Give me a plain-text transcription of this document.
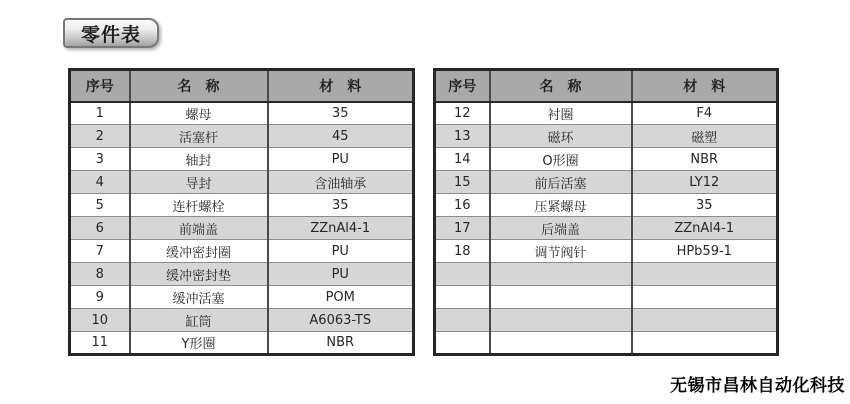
零件表
序号	名　称	材　料
1	螺母	35
2	活塞杆	45
3	轴封	PU
4	导封	含油轴承
5	连杆螺栓	35
6	前端盖	ZZnAl4-1
7	缓冲密封圈	PU
8	缓冲密封垫	PU
9	缓冲活塞	POM
10	缸筒	A6063-TS
11	Y形圈	NBR
序号	名　称	材　料
12	衬圈	F4
13	磁环	磁塑
14	O形圈	NBR
15	前后活塞	LY12
16	压紧螺母	35
17	后端盖	ZZnAl4-1
18	调节阀针	HPb59-1

无锡市昌林自动化科技
